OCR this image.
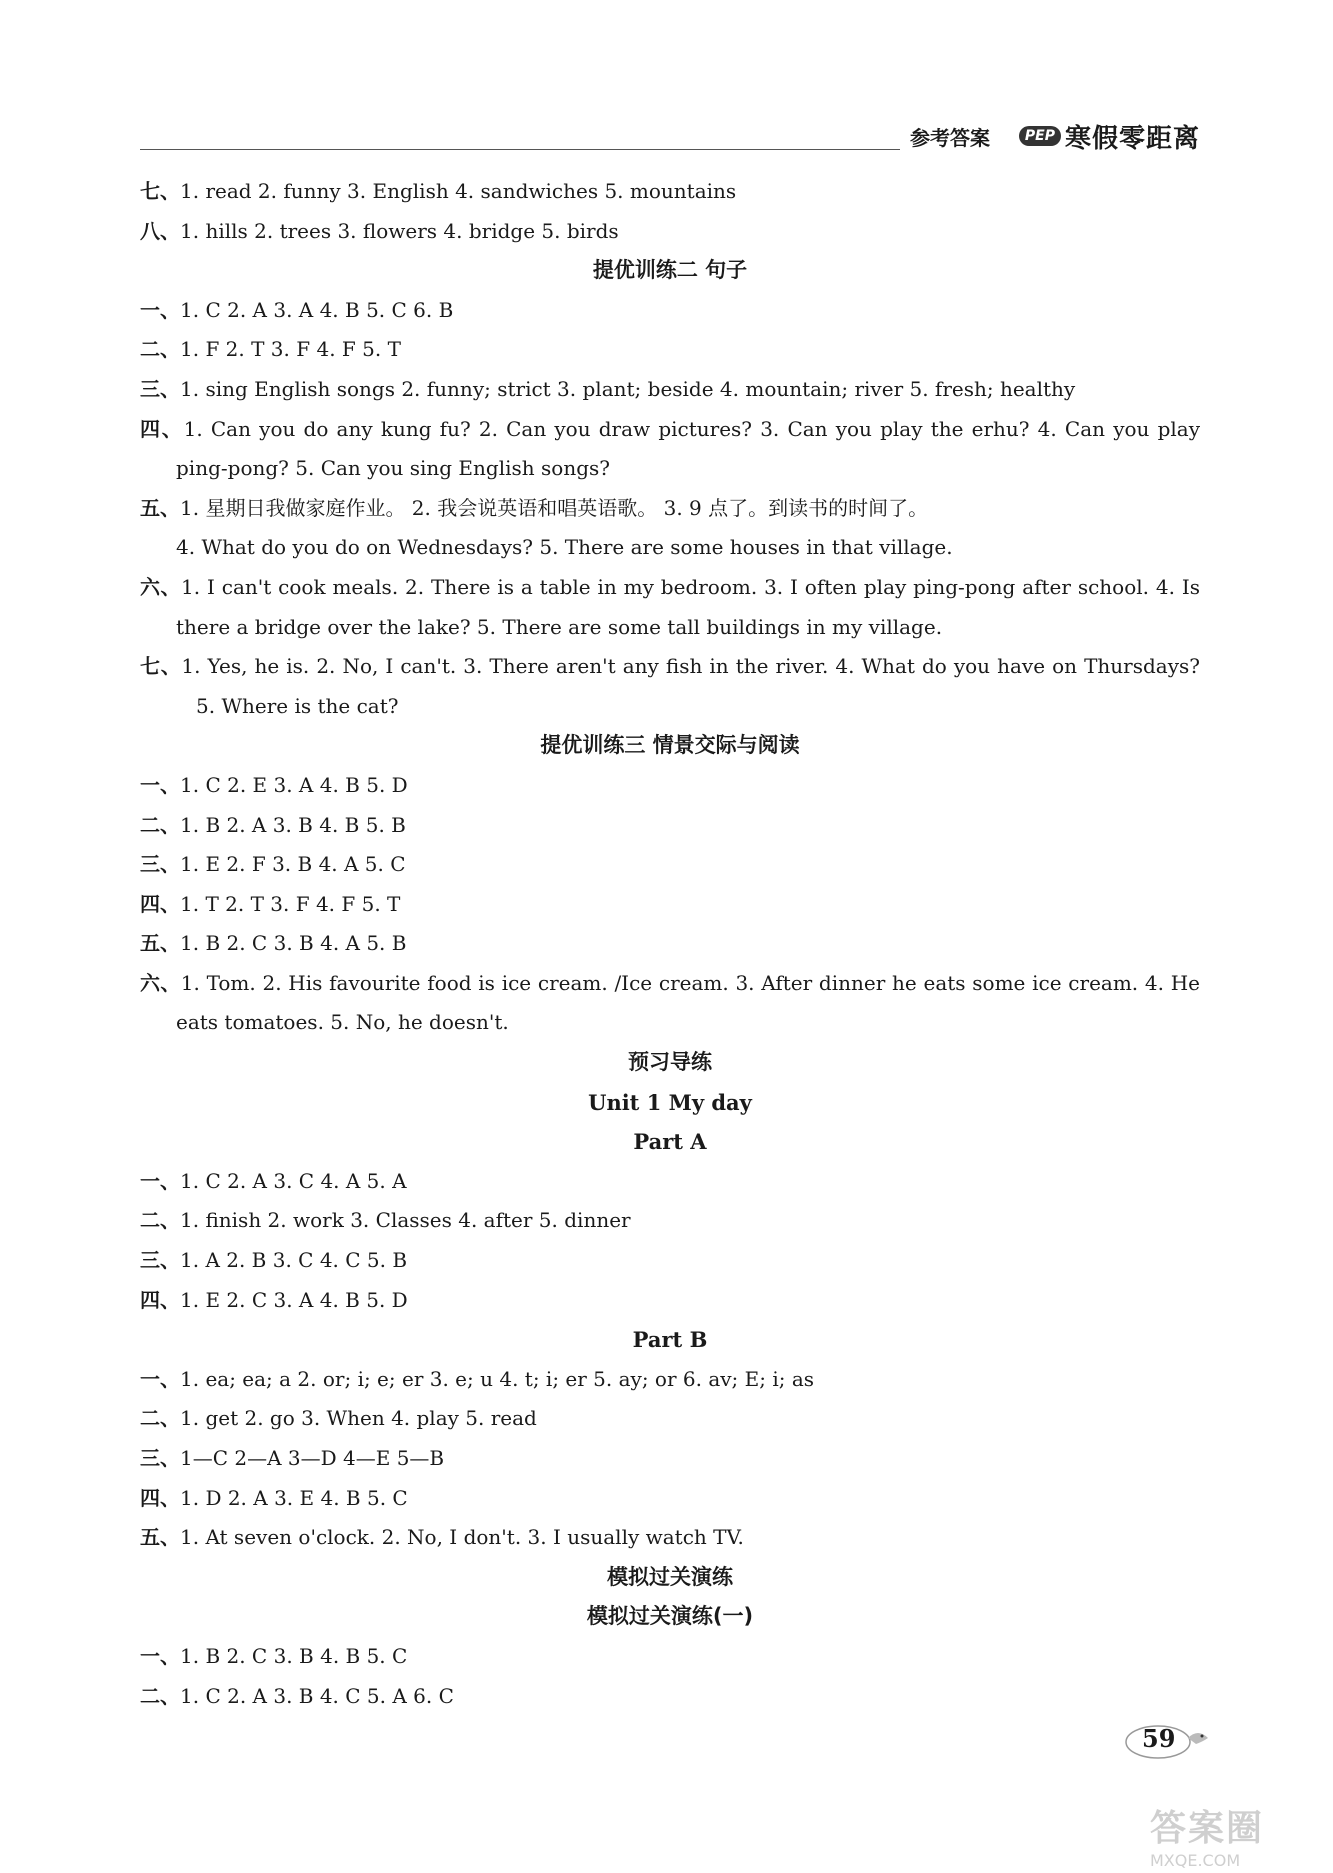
参考答案	PEP 寒假零距离
七、1. read 2. funny 3. English 4. sandwiches 5. mountains
八、1. hills 2. trees 3. flowers 4. bridge 5. birds
提优训练二 句子
一、1. C 2. A 3. A 4. B 5. C 6. B
二、1. F 2. T 3. F 4. F 5. T
三、1. sing English songs 2. funny; strict 3. plant; beside 4. mountain; river 5. fresh; healthy
四、1. Can you do any kung fu? 2. Can you draw pictures? 3. Can you play the erhu? 4. Can you play
ping-pong? 5. Can you sing English songs?
五、1. 星期日我做家庭作业。 2. 我会说英语和唱英语歌。 3. 9 点了。到读书的时间了。
4. What do you do on Wednesdays? 5. There are some houses in that village.
六、1. I can't cook meals. 2. There is a table in my bedroom. 3. I often play ping-pong after school. 4. Is
there a bridge over the lake? 5. There are some tall buildings in my village.
七、1. Yes, he is. 2. No, I can't. 3. There aren't any fish in the river. 4. What do you have on Thursdays?
5. Where is the cat?
提优训练三 情景交际与阅读
一、1. C 2. E 3. A 4. B 5. D
二、1. B 2. A 3. B 4. B 5. B
三、1. E 2. F 3. B 4. A 5. C
四、1. T 2. T 3. F 4. F 5. T
五、1. B 2. C 3. B 4. A 5. B
六、1. Tom. 2. His favourite food is ice cream. /Ice cream. 3. After dinner he eats some ice cream. 4. He
eats tomatoes. 5. No, he doesn't.
预习导练
Unit 1 My day
Part A
一、1. C 2. A 3. C 4. A 5. A
二、1. finish 2. work 3. Classes 4. after 5. dinner
三、1. A 2. B 3. C 4. C 5. B
四、1. E 2. C 3. A 4. B 5. D
Part B
一、1. ea; ea; a 2. or; i; e; er 3. e; u 4. t; i; er 5. ay; or 6. av; E; i; as
二、1. get 2. go 3. When 4. play 5. read
三、1—C 2—A 3—D 4—E 5—B
四、1. D 2. A 3. E 4. B 5. C
五、1. At seven o'clock. 2. No, I don't. 3. I usually watch TV.
模拟过关演练
模拟过关演练(一)
一、1. B 2. C 3. B 4. B 5. C
二、1. C 2. A 3. B 4. C 5. A 6. C
59
答案圈
MXQE.COM
